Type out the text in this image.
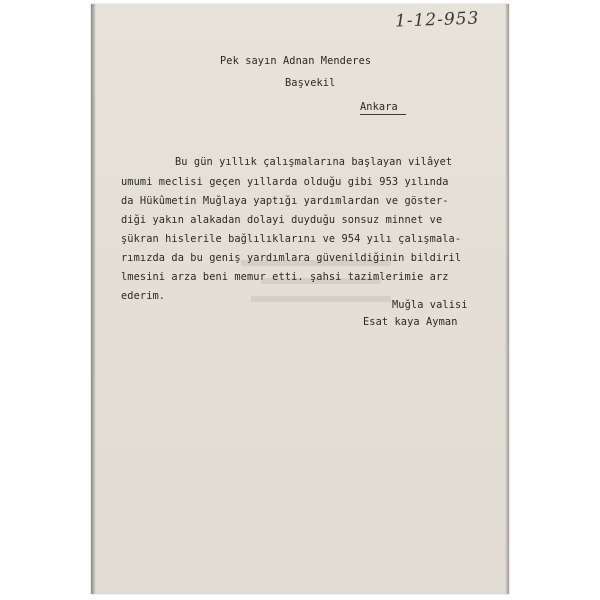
1-12-953
Pek sayın Adnan Menderes
Başvekil
Ankara
Bu gün yıllık çalışmalarına başlayan vilâyet
umumi meclisi geçen yıllarda olduğu gibi 953 yılında
da Hükûmetin Muğlaya yaptığı yardımlardan ve göster-
diği yakın alakadan dolayi duyduğu sonsuz minnet ve
şükran hislerile bağlılıklarını ve 954 yılı çalışmala-
rımızda da bu geniş yardımlara güvenildiğinin bildiril
lmesini arza beni memur etti. şahsi tazimlerimie arz
ederim.
Muğla valisi
Esat kaya Ayman
